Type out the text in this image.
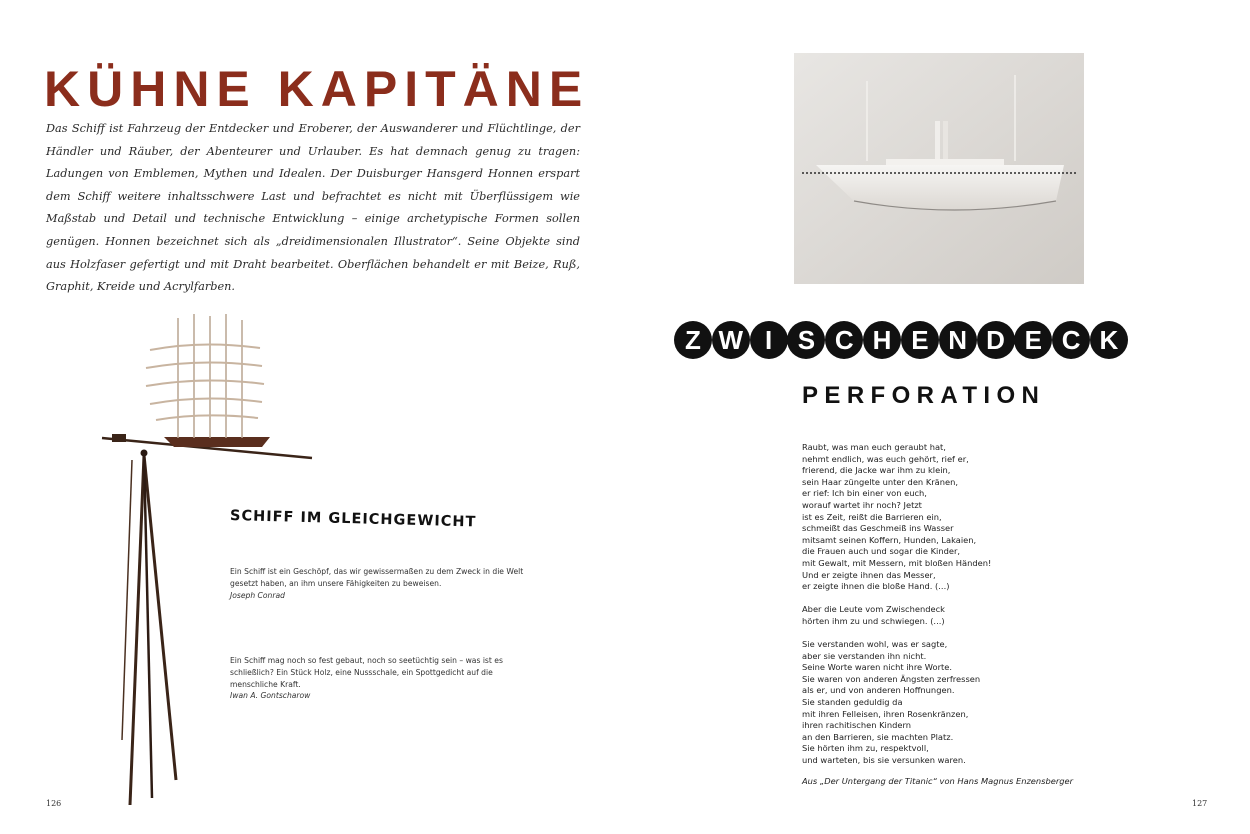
KÜHNE KAPITÄNE

Das Schiff ist Fahrzeug der Entdecker und Eroberer, der Auswanderer und Flüchtlinge, der Händler und Räuber, der Abenteurer und Urlauber. Es hat demnach genug zu tragen: Ladungen von Emblemen, Mythen und Idealen. Der Duisburger Hansgerd Honnen erspart dem Schiff weitere inhaltsschwere Last und befrachtet es nicht mit Überflüssigem wie Maßstab und Detail und technische Entwicklung – einige archetypische Formen sollen genügen. Honnen bezeichnet sich als „dreidimensionalen Illustrator“. Seine Objekte sind aus Holzfaser gefertigt und mit Draht bearbeitet. Oberflächen behandelt er mit Beize, Ruß, Graphit, Kreide und Acrylfarben.

SCHIFF IM GLEICHGEWICHT

Ein Schiff ist ein Geschöpf, das wir gewissermaßen zu dem Zweck in die Welt gesetzt haben, an ihm unsere Fähigkeiten zu beweisen.
Joseph Conrad

Ein Schiff mag noch so fest gebaut, noch so seetüchtig sein – was ist es schließlich? Ein Stück Holz, eine Nussschale, ein Spottgedicht auf die menschliche Kraft.
Iwan A. Gontscharow

126
Z W I S C H E N D E C K
PERFORATION
Raubt, was man euch geraubt hat,
nehmt endlich, was euch gehört, rief er,
frierend, die Jacke war ihm zu klein,
sein Haar züngelte unter den Kränen,
er rief: Ich bin einer von euch,
worauf wartet ihr noch? Jetzt
ist es Zeit, reißt die Barrieren ein,
schmeißt das Geschmeiß ins Wasser
mitsamt seinen Koffern, Hunden, Lakaien,
die Frauen auch und sogar die Kinder,
mit Gewalt, mit Messern, mit bloßen Händen!
Und er zeigte ihnen das Messer,
er zeigte ihnen die bloße Hand. (...)
Aber die Leute vom Zwischendeck
hörten ihm zu und schwiegen. (...)
Sie verstanden wohl, was er sagte,
aber sie verstanden ihn nicht.
Seine Worte waren nicht ihre Worte.
Sie waren von anderen Ängsten zerfressen
als er, und von anderen Hoffnungen.
Sie standen geduldig da
mit ihren Felleisen, ihren Rosenkränzen,
ihren rachitischen Kindern
an den Barrieren, sie machten Platz.
Sie hörten ihm zu, respektvoll,
und warteten, bis sie versunken waren.
Aus „Der Untergang der Titanic“ von Hans Magnus Enzensberger
127
